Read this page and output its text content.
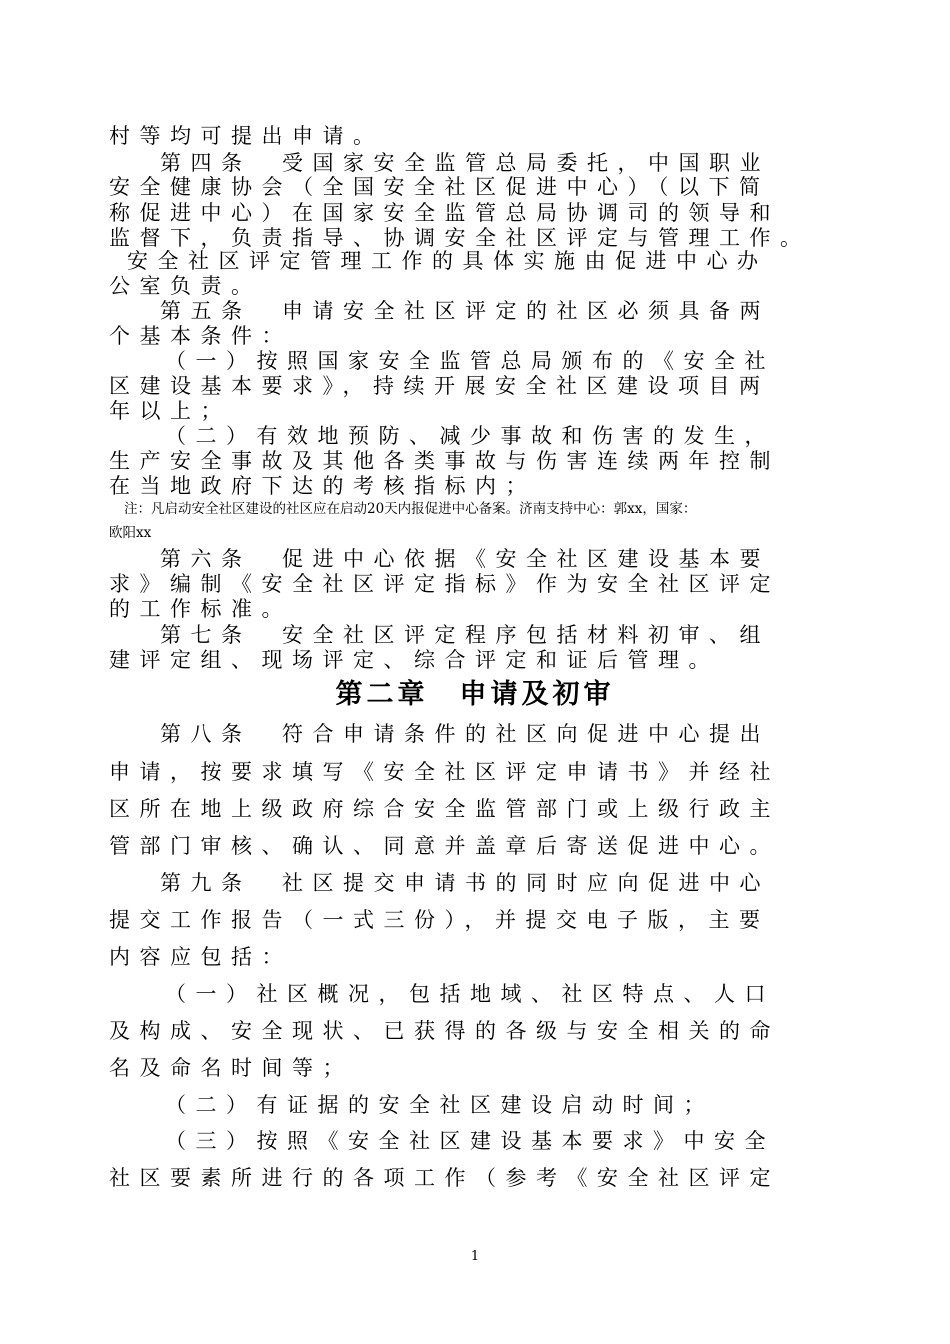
村等均可提出申请。
第四条　受国家安全监管总局委托，中国职业
安全健康协会（全国安全社区促进中心）（以下简
称促进中心）在国家安全监管总局协调司的领导和
监督下，负责指导、协调安全社区评定与管理工作。
安全社区评定管理工作的具体实施由促进中心办
公室负责。
第五条　申请安全社区评定的社区必须具备两
个基本条件：
（一）按照国家安全监管总局颁布的《安全社
区建设基本要求》，持续开展安全社区建设项目两
年以上；
（二）有效地预防、减少事故和伤害的发生，
生产安全事故及其他各类事故与伤害连续两年控制
在当地政府下达的考核指标内；
注：凡启动安全社区建设的社区应在启动20天内报促进中心备案。济南支持中心：郭xx，国家：
欧阳xx
第六条　促进中心依据《安全社区建设基本要
求》编制《安全社区评定指标》作为安全社区评定
的工作标准。
第七条　安全社区评定程序包括材料初审、组
建评定组、现场评定、综合评定和证后管理。
第二章　申请及初审
第八条　符合申请条件的社区向促进中心提出
申请，按要求填写《安全社区评定申请书》并经社
区所在地上级政府综合安全监管部门或上级行政主
管部门审核、确认、同意并盖章后寄送促进中心。
第九条　社区提交申请书的同时应向促进中心
提交工作报告（一式三份），并提交电子版，主要
内容应包括：
（一）社区概况，包括地域、社区特点、人口
及构成、安全现状、已获得的各级与安全相关的命
名及命名时间等；
（二）有证据的安全社区建设启动时间；
（三）按照《安全社区建设基本要求》中安全
社区要素所进行的各项工作（参考《安全社区评定
1
